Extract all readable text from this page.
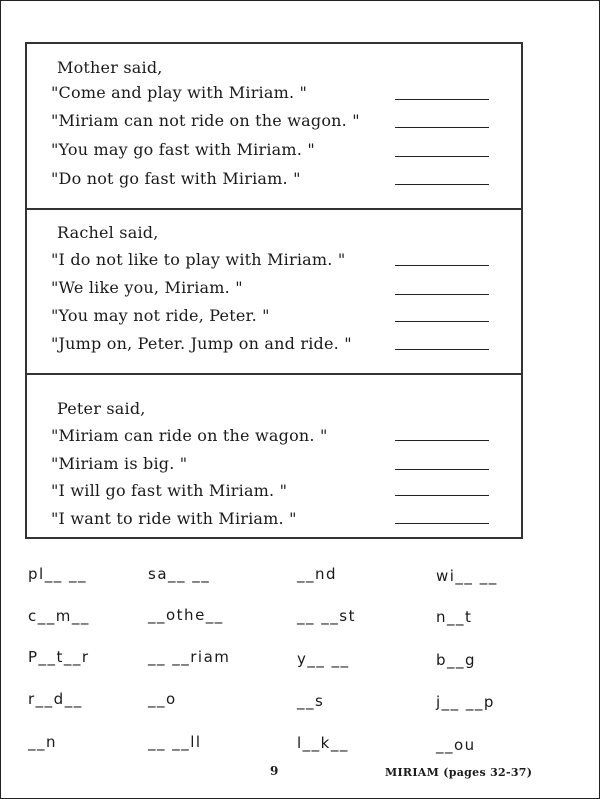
Mother said,
"Come and play with Miriam. "
"Miriam can not ride on the wagon. "
"You may go fast with Miriam. "
"Do not go fast with Miriam. "
Rachel said,
"I do not like to play with Miriam. "
"We like you, Miriam. "
"You may not ride, Peter. "
"Jump on, Peter. Jump on and ride. "
Peter said,
"Miriam can ride on the wagon. "
"Miriam is big. "
"I will go fast with Miriam. "
"I want to ride with Miriam. "
pl__ __	sa__ __	__nd	wi__ __
c__m__	__othe__	__ __st	n__t
P__t__r	__ __riam	y__ __	b__g
r__d__	__o	__s	j__ __p
__n	__ __ll	l__k__	__ou
9	MIRIAM (pages 32-37)
